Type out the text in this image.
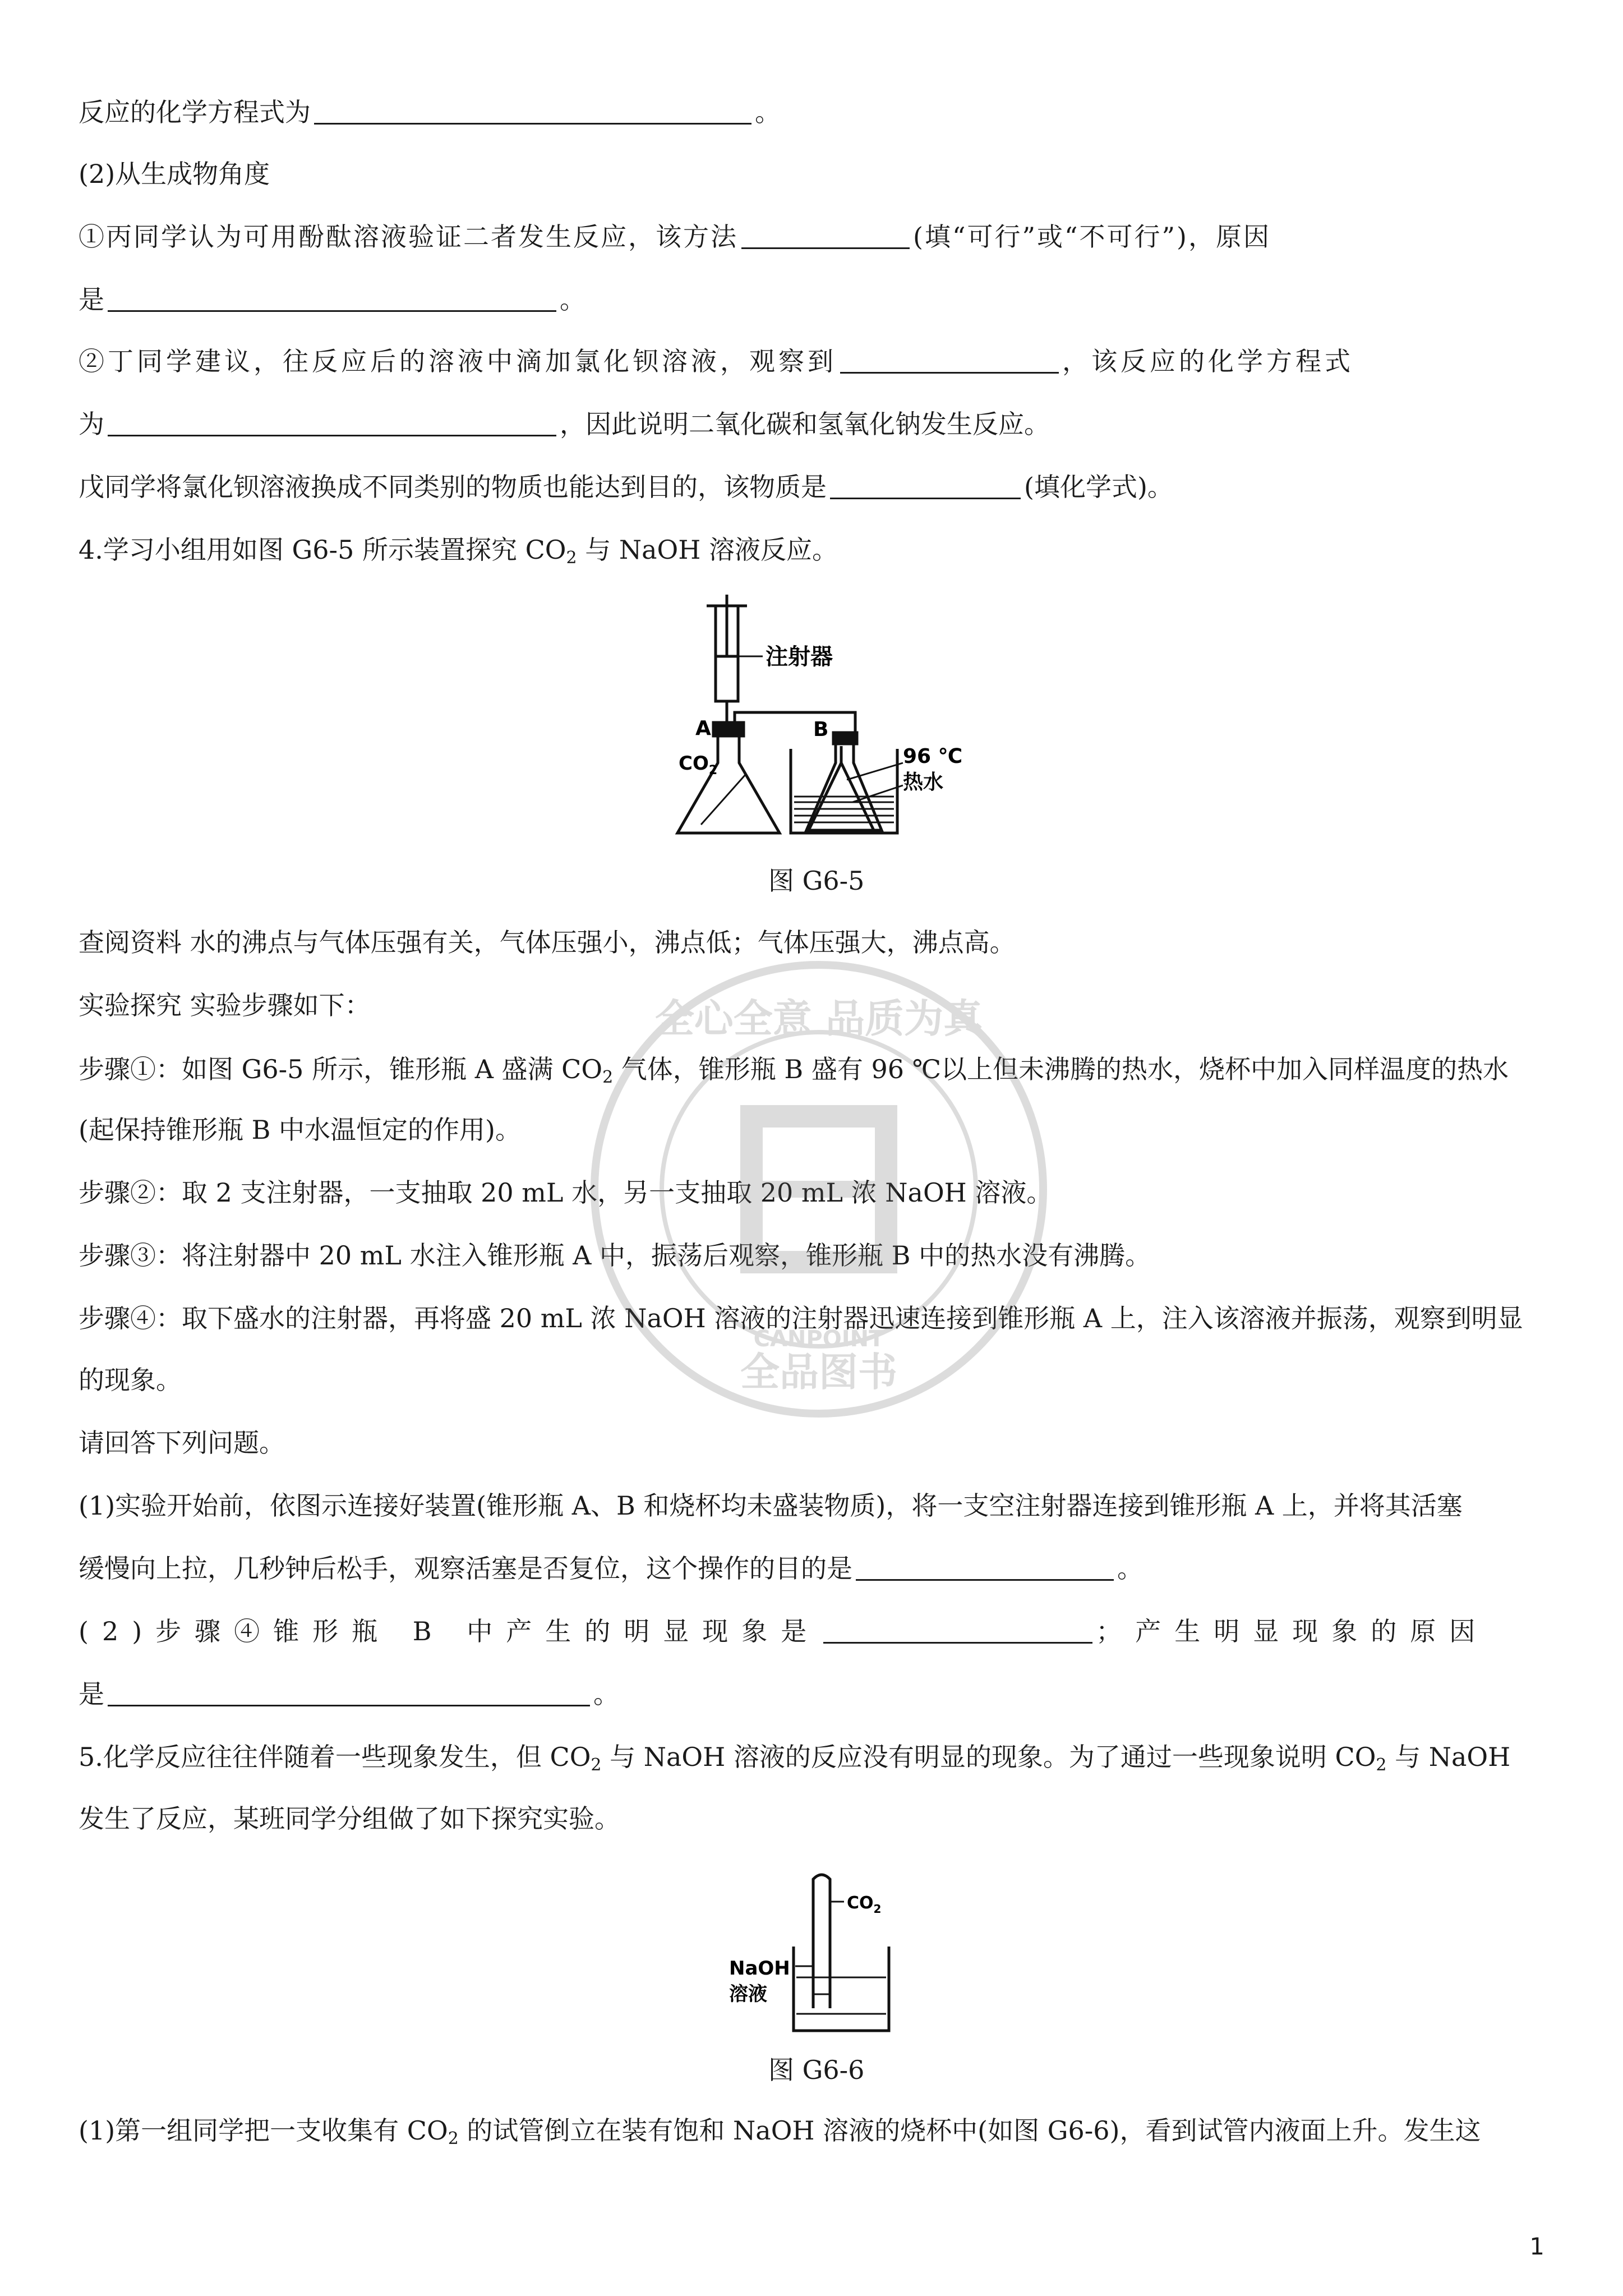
反应的化学方程式为	。
(2)从生成物角度
①丙同学认为可用酚酞溶液验证二者发生反应，该方法	(填“可行”或“不可行”)，原因
是	。
②丁同学建议，往反应后的溶液中滴加氯化钡溶液，观察到	，该反应的化学方程式
为	，因此说明二氧化碳和氢氧化钠发生反应。
戊同学将氯化钡溶液换成不同类别的物质也能达到目的，该物质是	(填化学式)。
4.学习小组用如图 G6-5 所示装置探究 $CO_2$ 与 NaOH 溶液反应。
注射器
A	B
$CO_2$
96 ℃
热水
图 G6-5
查阅资料 水的沸点与气体压强有关，气体压强小，沸点低；气体压强大，沸点高。
实验探究 实验步骤如下：
步骤①：如图 G6-5 所示，锥形瓶 A 盛满 $CO_2$ 气体，锥形瓶 B 盛有 96 ℃以上但未沸腾的热水，烧杯中加入同样温度的热水
(起保持锥形瓶 B 中水温恒定的作用)。
步骤②：取 2 支注射器，一支抽取 20 mL 水，另一支抽取 20 mL 浓 NaOH 溶液。
步骤③：将注射器中 20 mL 水注入锥形瓶 A 中，振荡后观察，锥形瓶 B 中的热水没有沸腾。
步骤④：取下盛水的注射器，再将盛 20 mL 浓 NaOH 溶液的注射器迅速连接到锥形瓶 A 上，注入该溶液并振荡，观察到明显
的现象。
请回答下列问题。
(1)实验开始前，依图示连接好装置(锥形瓶 A、B 和烧杯均未盛装物质)，将一支空注射器连接到锥形瓶 A 上，并将其活塞
缓慢向上拉，几秒钟后松手，观察活塞是否复位，这个操作的目的是	。
(2)步骤④锥形瓶 B 中产生的明显现象是	；产生明显现象的原因
是	。
5.化学反应往往伴随着一些现象发生，但 $CO_2$ 与 NaOH 溶液的反应没有明显的现象。为了通过一些现象说明 $CO_2$ 与 NaOH
发生了反应，某班同学分组做了如下探究实验。
$CO_2$
NaOH
溶液
图 G6-6
(1)第一组同学把一支收集有 $CO_2$ 的试管倒立在装有饱和 NaOH 溶液的烧杯中(如图 G6-6)，看到试管内液面上升。发生这
全心全意 品质为真
全品图书
CANPOINT
1
